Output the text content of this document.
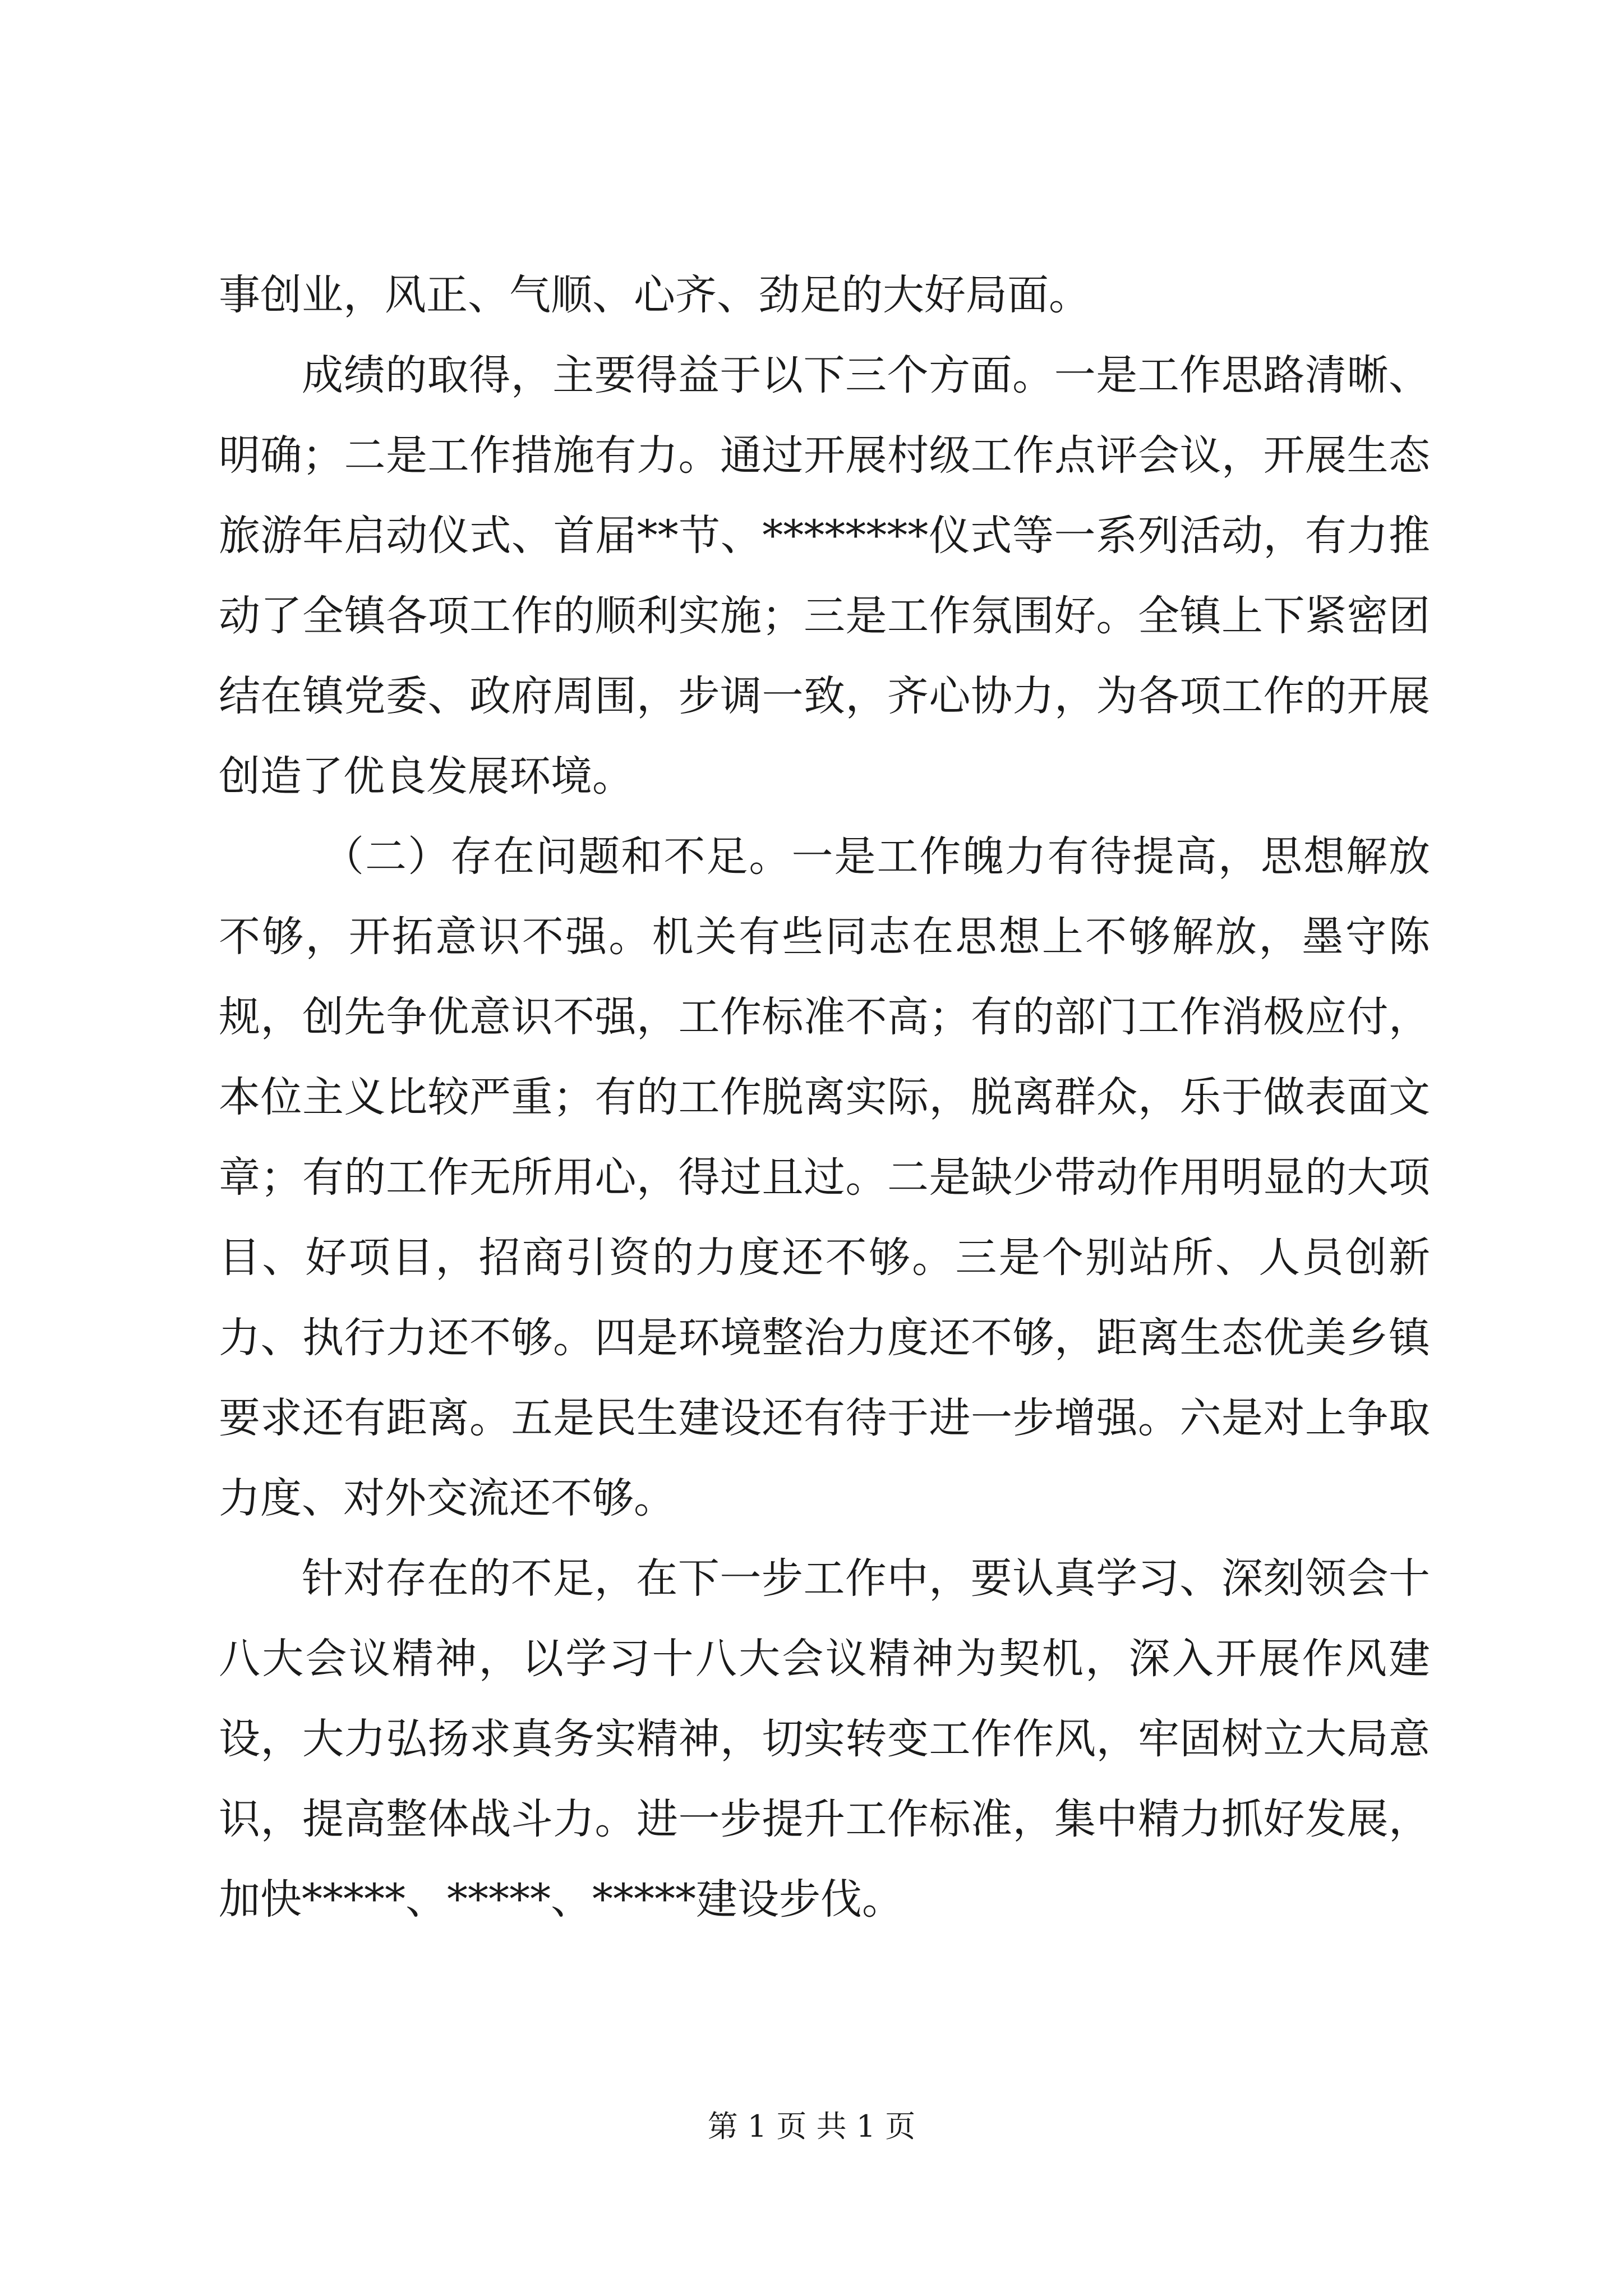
事创业，风正、气顺、心齐、劲足的大好局面。

成绩的取得，主要得益于以下三个方面。一是工作思路清晰、明确；二是工作措施有力。通过开展村级工作点评会议，开展生态旅游年启动仪式、首届**节、********仪式等一系列活动，有力推动了全镇各项工作的顺利实施；三是工作氛围好。全镇上下紧密团结在镇党委、政府周围，步调一致，齐心协力，为各项工作的开展创造了优良发展环境。

（二）存在问题和不足。一是工作魄力有待提高，思想解放不够，开拓意识不强。机关有些同志在思想上不够解放，墨守陈规，创先争优意识不强，工作标准不高；有的部门工作消极应付，本位主义比较严重；有的工作脱离实际，脱离群众，乐于做表面文章；有的工作无所用心，得过且过。二是缺少带动作用明显的大项目、好项目，招商引资的力度还不够。三是个别站所、人员创新力、执行力还不够。四是环境整治力度还不够，距离生态优美乡镇要求还有距离。五是民生建设还有待于进一步增强。六是对上争取力度、对外交流还不够。

针对存在的不足，在下一步工作中，要认真学习、深刻领会十八大会议精神，以学习十八大会议精神为契机，深入开展作风建设，大力弘扬求真务实精神，切实转变工作作风，牢固树立大局意识，提高整体战斗力。进一步提升工作标准，集中精力抓好发展，加快*****、*****、*****建设步伐。

第 1 页 共 1 页
